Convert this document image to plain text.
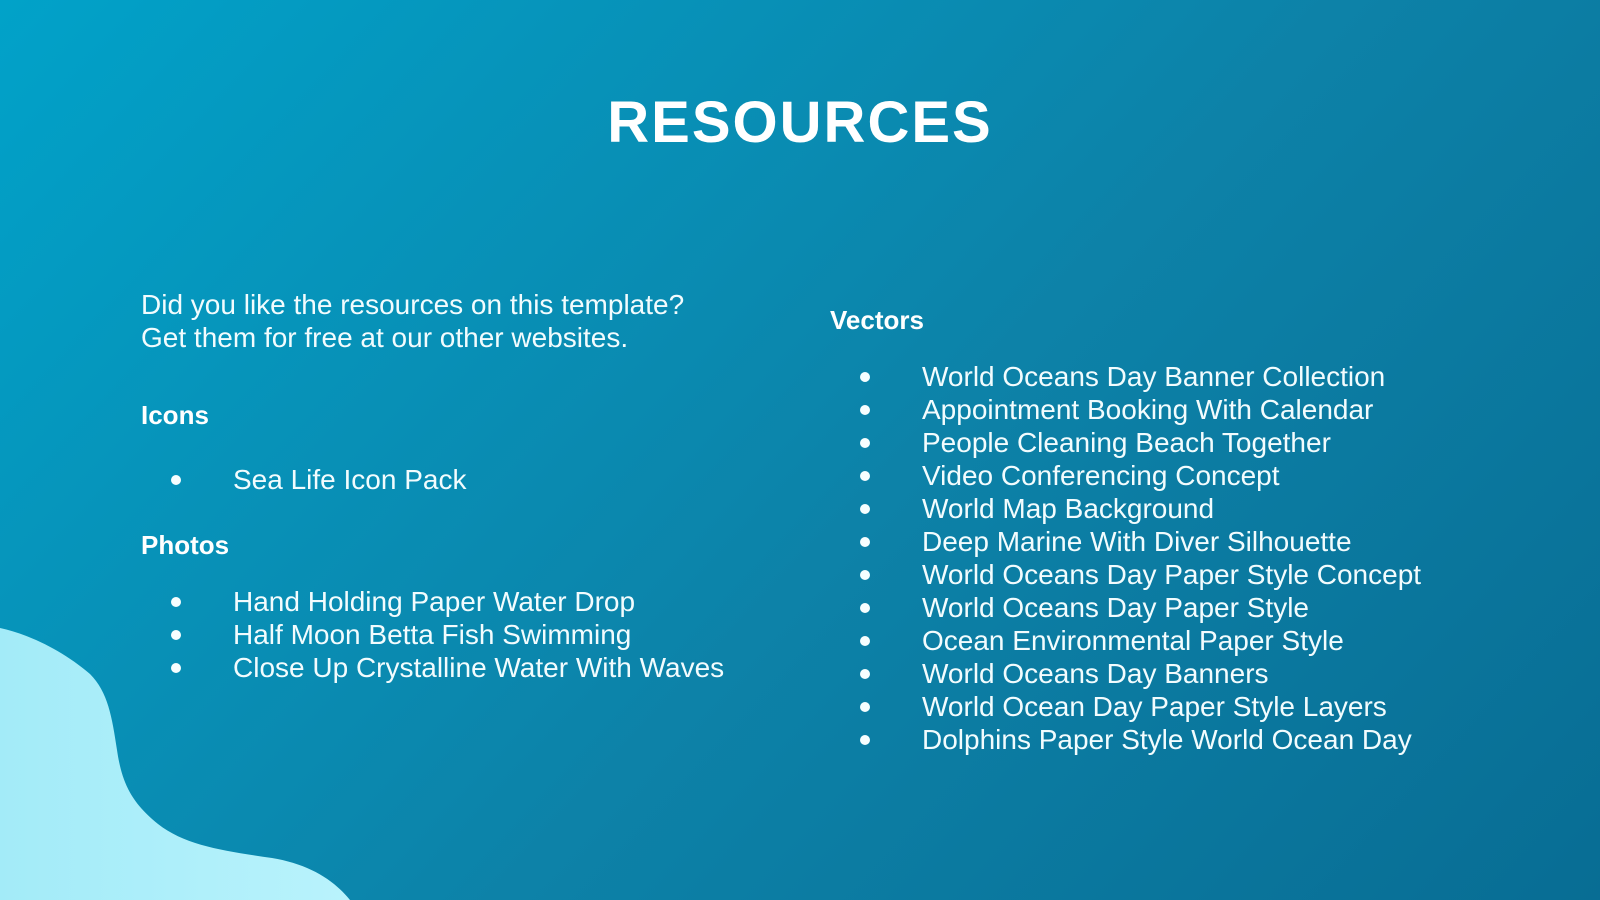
RESOURCES

Did you like the resources on this template?
Get them for free at our other websites.

Icons
Sea Life Icon Pack
Photos
Hand Holding Paper Water Drop
Half Moon Betta Fish Swimming
Close Up Crystalline Water With Waves
Vectors
World Oceans Day Banner Collection
Appointment Booking With Calendar
People Cleaning Beach Together
Video Conferencing Concept
World Map Background
Deep Marine With Diver Silhouette
World Oceans Day Paper Style Concept
World Oceans Day Paper Style
Ocean Environmental Paper Style
World Oceans Day Banners
World Ocean Day Paper Style Layers
Dolphins Paper Style World Ocean Day
